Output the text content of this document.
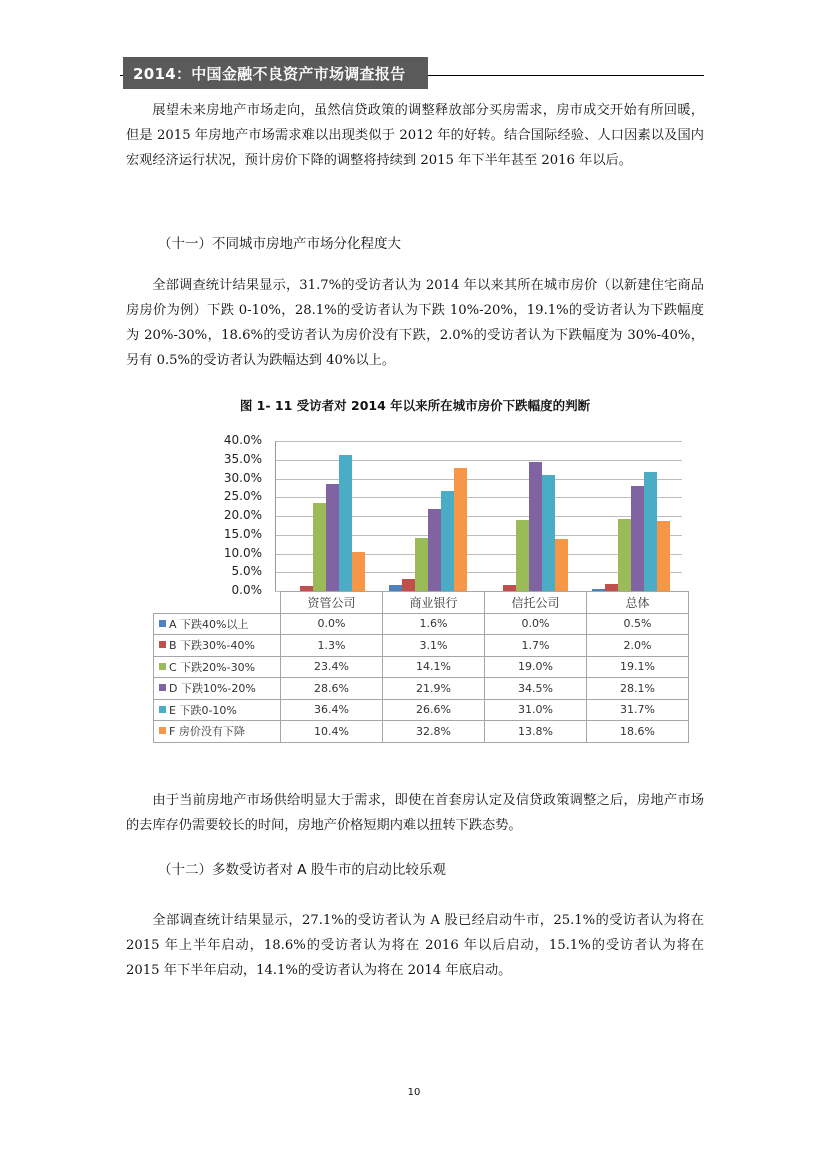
2014：中国金融不良资产市场调查报告

展望未来房地产市场走向，虽然信贷政策的调整释放部分买房需求，房市成交开始有所回暖，但是 2015 年房地产市场需求难以出现类似于 2012 年的好转。结合国际经验、人口因素以及国内宏观经济运行状况，预计房价下降的调整将持续到 2015 年下半年甚至 2016 年以后。

（十一）不同城市房地产市场分化程度大

全部调查统计结果显示，31.7%的受访者认为 2014 年以来其所在城市房价（以新建住宅商品房房价为例）下跌 0-10%，28.1%的受访者认为下跌 10%-20%，19.1%的受访者认为下跌幅度为 20%-30%，18.6%的受访者认为房价没有下跌，2.0%的受访者认为下跌幅度为 30%-40%，另有 0.5%的受访者认为跌幅达到 40%以上。

图 1- 11 受访者对 2014 年以来所在城市房价下跌幅度的判断

0.0%
5.0%
10.0%
15.0%
20.0%
25.0%
30.0%
35.0%
40.0%
	资管公司	商业银行	信托公司	总体
A 下跌40%以上	0.0%	1.6%	0.0%	0.5%
B 下跌30%-40%	1.3%	3.1%	1.7%	2.0%
C 下跌20%-30%	23.4%	14.1%	19.0%	19.1%
D 下跌10%-20%	28.6%	21.9%	34.5%	28.1%
E 下跌0-10%	36.4%	26.6%	31.0%	31.7%
F 房价没有下降	10.4%	32.8%	13.8%	18.6%

由于当前房地产市场供给明显大于需求，即使在首套房认定及信贷政策调整之后，房地产市场的去库存仍需要较长的时间，房地产价格短期内难以扭转下跌态势。

（十二）多数受访者对 A 股牛市的启动比较乐观

全部调查统计结果显示，27.1%的受访者认为 A 股已经启动牛市，25.1%的受访者认为将在 2015 年上半年启动，18.6%的受访者认为将在 2016 年以后启动，15.1%的受访者认为将在 2015 年下半年启动，14.1%的受访者认为将在 2014 年底启动。

10
